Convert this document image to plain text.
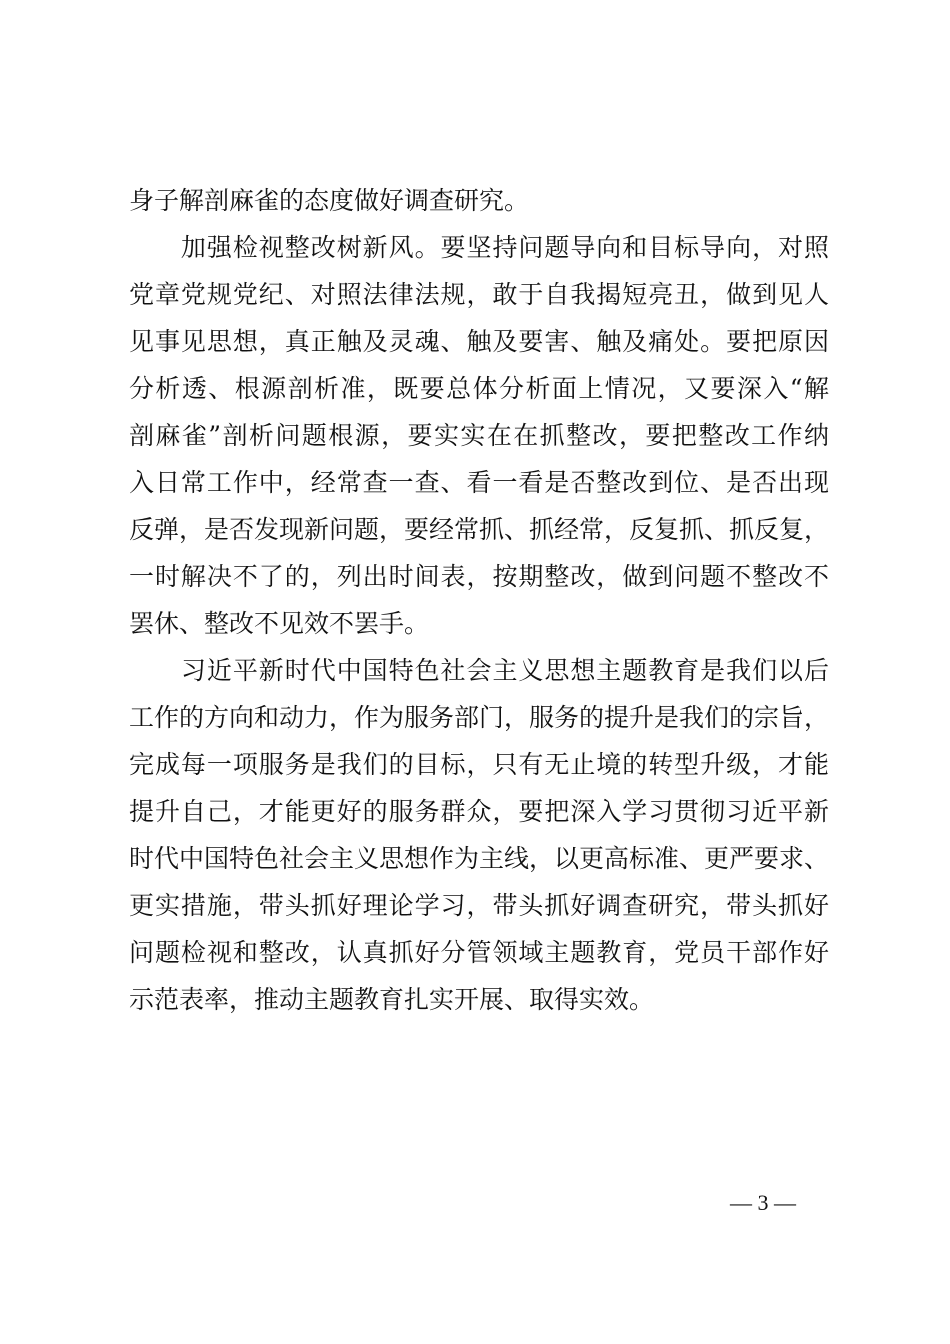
身子解剖麻雀的态度做好调查研究。
　　加强检视整改树新风。要坚持问题导向和目标导向，对照
党章党规党纪、对照法律法规，敢于自我揭短亮丑，做到见人
见事见思想，真正触及灵魂、触及要害、触及痛处。要把原因
分析透、根源剖析准，既要总体分析面上情况，又要深入“解
剖麻雀”剖析问题根源，要实实在在抓整改，要把整改工作纳
入日常工作中，经常查一查、看一看是否整改到位、是否出现
反弹，是否发现新问题，要经常抓、抓经常，反复抓、抓反复，
一时解决不了的，列出时间表，按期整改，做到问题不整改不
罢休、整改不见效不罢手。
　　习近平新时代中国特色社会主义思想主题教育是我们以后
工作的方向和动力，作为服务部门，服务的提升是我们的宗旨，
完成每一项服务是我们的目标，只有无止境的转型升级，才能
提升自己，才能更好的服务群众，要把深入学习贯彻习近平新
时代中国特色社会主义思想作为主线，以更高标准、更严要求、
更实措施，带头抓好理论学习，带头抓好调查研究，带头抓好
问题检视和整改，认真抓好分管领域主题教育，党员干部作好
示范表率，推动主题教育扎实开展、取得实效。
— 3 —
